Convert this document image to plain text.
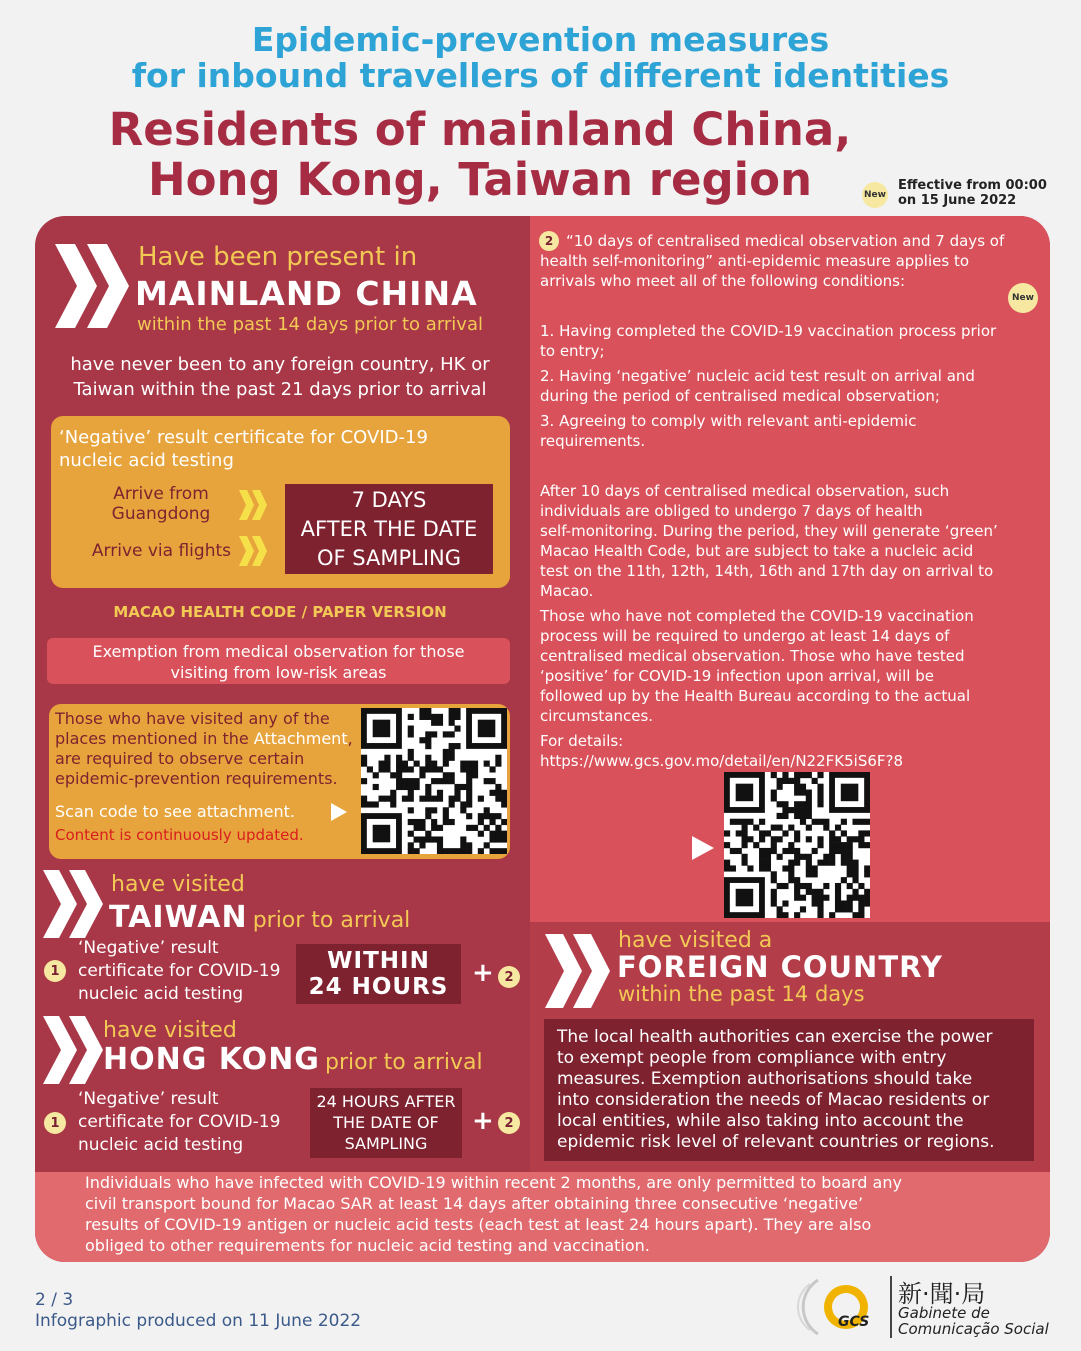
Epidemic-prevention measures
for inbound travellers of different identities
Residents of mainland China,
Hong Kong, Taiwan region	New
Effective from 00:00
on 15 June 2022
Have been present in
MAINLAND CHINA
within the past 14 days prior to arrival
have never been to any foreign country, HK or
Taiwan within the past 21 days prior to arrival
‘Negative’ result certificate for COVID-19
nucleic acid testing
Arrive from
Guangdong
Arrive via flights
7 DAYS
AFTER THE DATE
OF SAMPLING
MACAO HEALTH CODE / PAPER VERSION
Exemption from medical observation for those
visiting from low-risk areas
Those who have visited any of the
places mentioned in the Attachment,
are required to observe certain
epidemic-prevention requirements.
Scan code to see attachment.
Content is continuously updated.
have visited
TAIWAN prior to arrival
1
‘Negative’ result
certificate for COVID-19
nucleic acid testing
WITHIN
24 HOURS + 2
have visited
HONG KONG prior to arrival
1
‘Negative’ result
certificate for COVID-19
nucleic acid testing
24 HOURS AFTER
THE DATE OF
SAMPLING
+ 2
2 “10 days of centralised medical observation and 7 days of
health self-monitoring” anti-epidemic measure applies to
arrivals who meet all of the following conditions:
New
1. Having completed the COVID-19 vaccination process prior
to entry;
2. Having ‘negative’ nucleic acid test result on arrival and
during the period of centralised medical observation;
3. Agreeing to comply with relevant anti-epidemic
requirements.
After 10 days of centralised medical observation, such
individuals are obliged to undergo 7 days of health
self-monitoring. During the period, they will generate ‘green’
Macao Health Code, but are subject to take a nucleic acid
test on the 11th, 12th, 14th, 16th and 17th day on arrival to
Macao.
Those who have not completed the COVID-19 vaccination
process will be required to undergo at least 14 days of
centralised medical observation. Those who have tested
‘positive’ for COVID-19 infection upon arrival, will be
followed up by the Health Bureau according to the actual
circumstances.
For details:
https://www.gcs.gov.mo/detail/en/N22FK5iS6F?8
have visited a
FOREIGN COUNTRY
within the past 14 days
The local health authorities can exercise the power
to exempt people from compliance with entry
measures. Exemption authorisations should take
into consideration the needs of Macao residents or
local entities, while also taking into account the
epidemic risk level of relevant countries or regions.
Individuals who have infected with COVID-19 within recent 2 months, are only permitted to board any
civil transport bound for Macao SAR at least 14 days after obtaining three consecutive ‘negative’
results of COVID-19 antigen or nucleic acid tests (each test at least 24 hours apart). They are also
obliged to other requirements for nucleic acid testing and vaccination.
2 / 3
Infographic produced on 11 June 2022	GCS
新·聞·局
Gabinete de
Comunicação Social
